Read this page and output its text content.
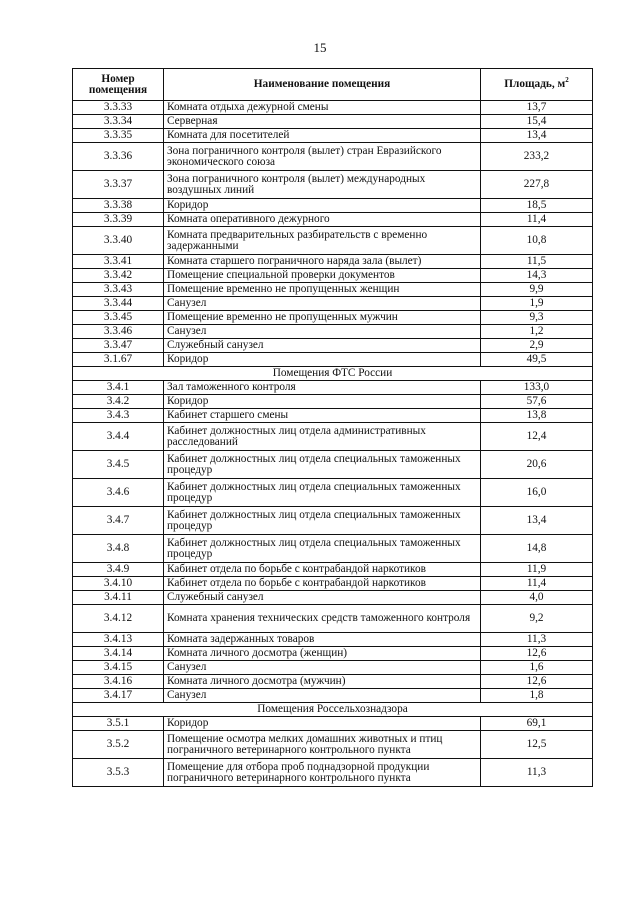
15
Номер
помещения	Наименование помещения	Площадь, $м^2$
3.3.33	Комната отдыха дежурной смены	13,7
3.3.34	Серверная	15,4
3.3.35	Комната для посетителей	13,4
3.3.36	Зона пограничного контроля (вылет) стран Евразийского экономического союза	233,2
3.3.37	Зона пограничного контроля (вылет) международных воздушных линий	227,8
3.3.38	Коридор	18,5
3.3.39	Комната оперативного дежурного	11,4
3.3.40	Комната предварительных разбирательств с временно задержанными	10,8
3.3.41	Комната старшего пограничного наряда зала (вылет)	11,5
3.3.42	Помещение специальной проверки документов	14,3
3.3.43	Помещение временно не пропущенных женщин	9,9
3.3.44	Санузел	1,9
3.3.45	Помещение временно не пропущенных мужчин	9,3
3.3.46	Санузел	1,2
3.3.47	Служебный санузел	2,9
3.1.67	Коридор	49,5
Помещения ФТС России		
3.4.1	Зал таможенного контроля	133,0
3.4.2	Коридор	57,6
3.4.3	Кабинет старшего смены	13,8
3.4.4	Кабинет должностных лиц отдела административных расследований	12,4
3.4.5	Кабинет должностных лиц отдела специальных таможенных процедур	20,6
3.4.6	Кабинет должностных лиц отдела специальных таможенных процедур	16,0
3.4.7	Кабинет должностных лиц отдела специальных таможенных процедур	13,4
3.4.8	Кабинет должностных лиц отдела специальных таможенных процедур	14,8
3.4.9	Кабинет отдела по борьбе с контрабандой наркотиков	11,9
3.4.10	Кабинет отдела по борьбе с контрабандой наркотиков	11,4
3.4.11	Служебный санузел	4,0
3.4.12	Комната хранения технических средств таможенного контроля	9,2
3.4.13	Комната задержанных товаров	11,3
3.4.14	Комната личного досмотра (женщин)	12,6
3.4.15	Санузел	1,6
3.4.16	Комната личного досмотра (мужчин)	12,6
3.4.17	Санузел	1,8
Помещения Россельхознадзора		
3.5.1	Коридор	69,1
3.5.2	Помещение осмотра мелких домашних животных и птиц пограничного ветеринарного контрольного пункта	12,5
3.5.3	Помещение для отбора проб поднадзорной продукции пограничного ветеринарного контрольного пункта	11,3
